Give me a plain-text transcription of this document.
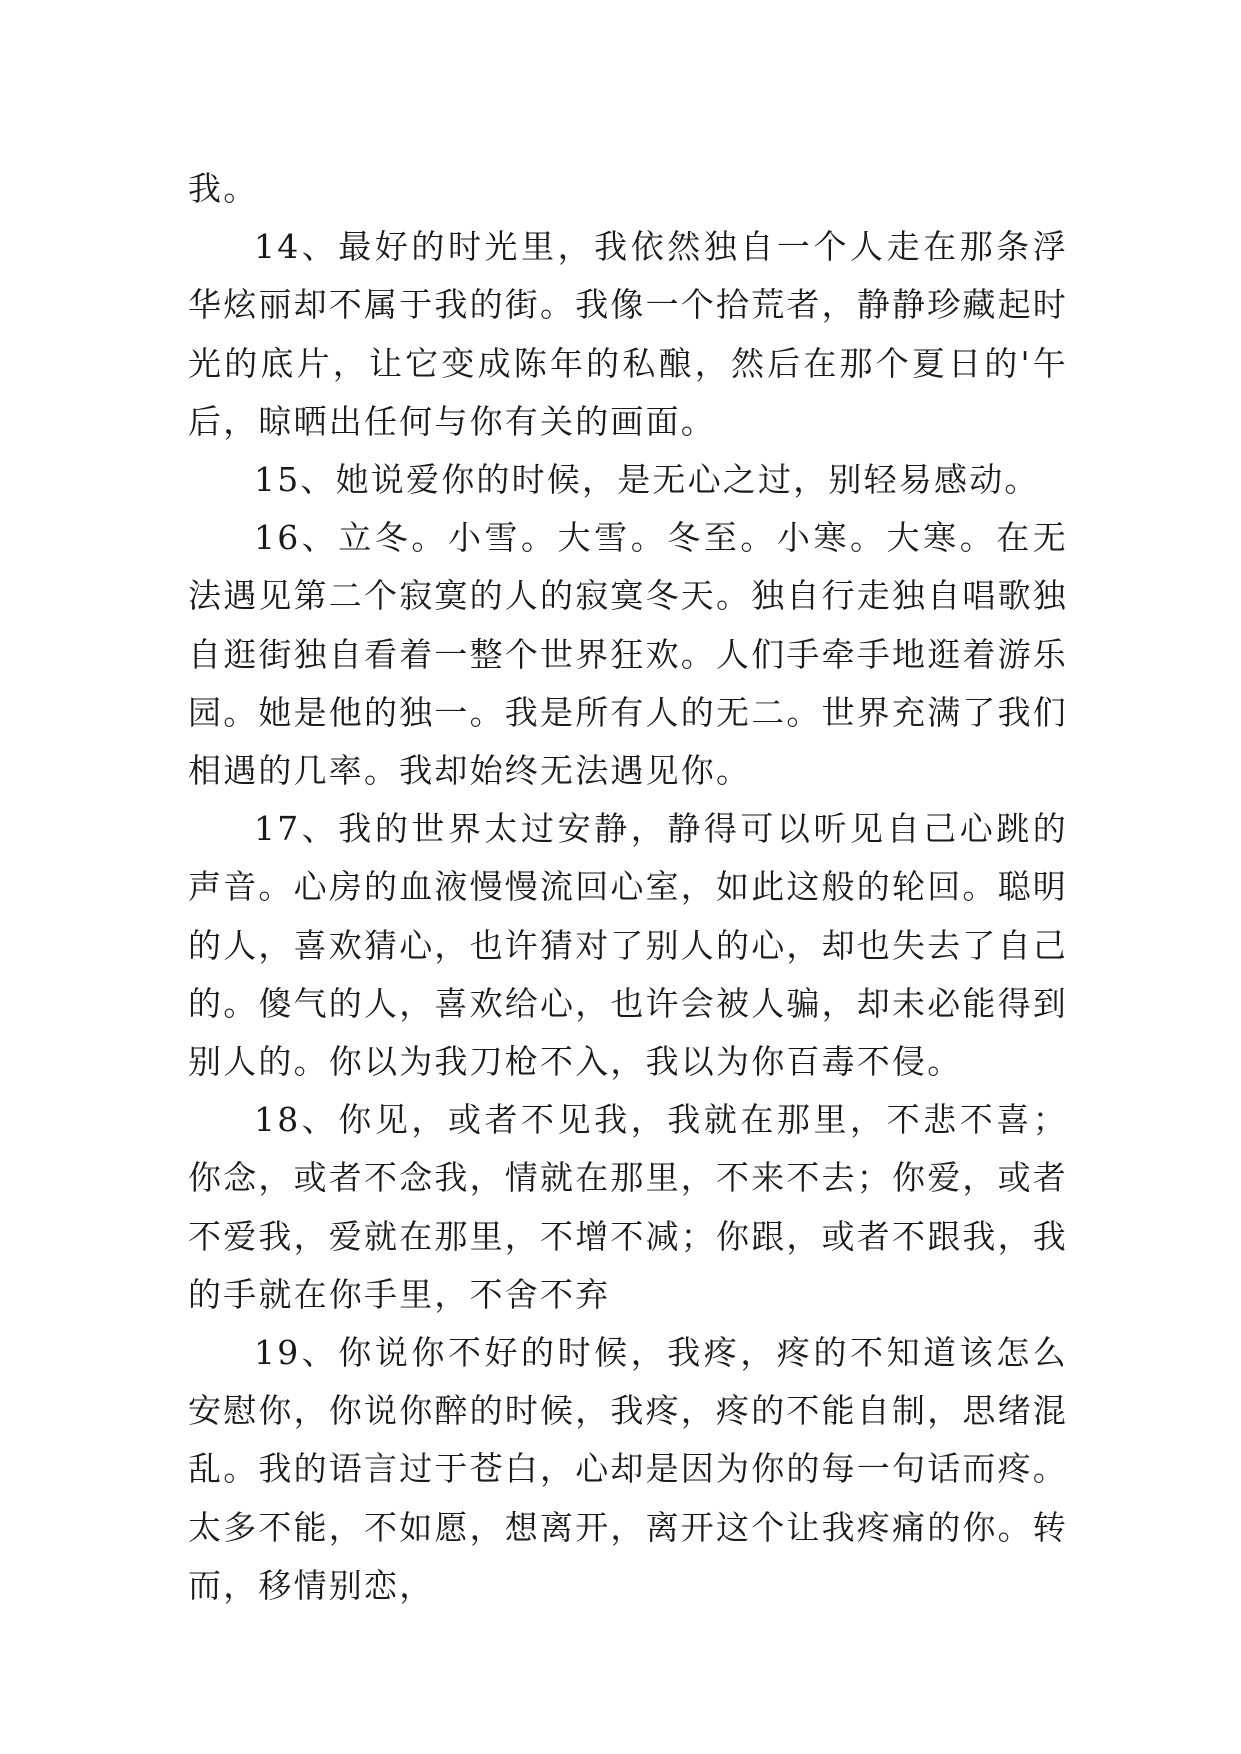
我。

14、最好的时光里，我依然独自一个人走在那条浮华炫丽却不属于我的街。我像一个拾荒者，静静珍藏起时光的底片，让它变成陈年的私酿，然后在那个夏日的'午后，晾晒出任何与你有关的画面。

15、她说爱你的时候，是无心之过，别轻易感动。

16、立冬。小雪。大雪。冬至。小寒。大寒。在无法遇见第二个寂寞的人的寂寞冬天。独自行走独自唱歌独自逛街独自看着一整个世界狂欢。人们手牵手地逛着游乐园。她是他的独一。我是所有人的无二。世界充满了我们相遇的几率。我却始终无法遇见你。

17、我的世界太过安静，静得可以听见自己心跳的声音。心房的血液慢慢流回心室，如此这般的轮回。聪明的人，喜欢猜心，也许猜对了别人的心，却也失去了自己的。傻气的人，喜欢给心，也许会被人骗，却未必能得到别人的。你以为我刀枪不入，我以为你百毒不侵。

18、你见，或者不见我，我就在那里，不悲不喜；你念，或者不念我，情就在那里，不来不去；你爱，或者不爱我，爱就在那里，不增不减；你跟，或者不跟我，我的手就在你手里，不舍不弃

19、你说你不好的时候，我疼，疼的不知道该怎么安慰你，你说你醉的时候，我疼，疼的不能自制，思绪混乱。我的语言过于苍白，心却是因为你的每一句话而疼。太多不能，不如愿，想离开，离开这个让我疼痛的你。转而，移情别恋，
